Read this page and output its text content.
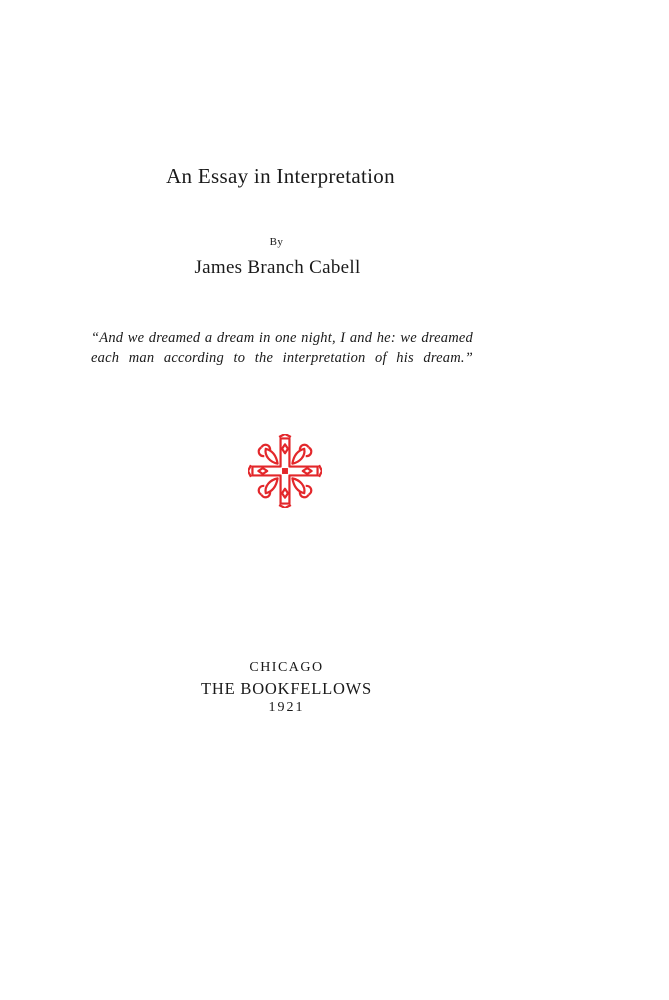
An Essay in Interpretation
By
James Branch Cabell
“And we dreamed a dream in one night, I and he: we dreamed
each man according to the interpretation of his dream.”
CHICAGO
THE BOOKFELLOWS
1921
